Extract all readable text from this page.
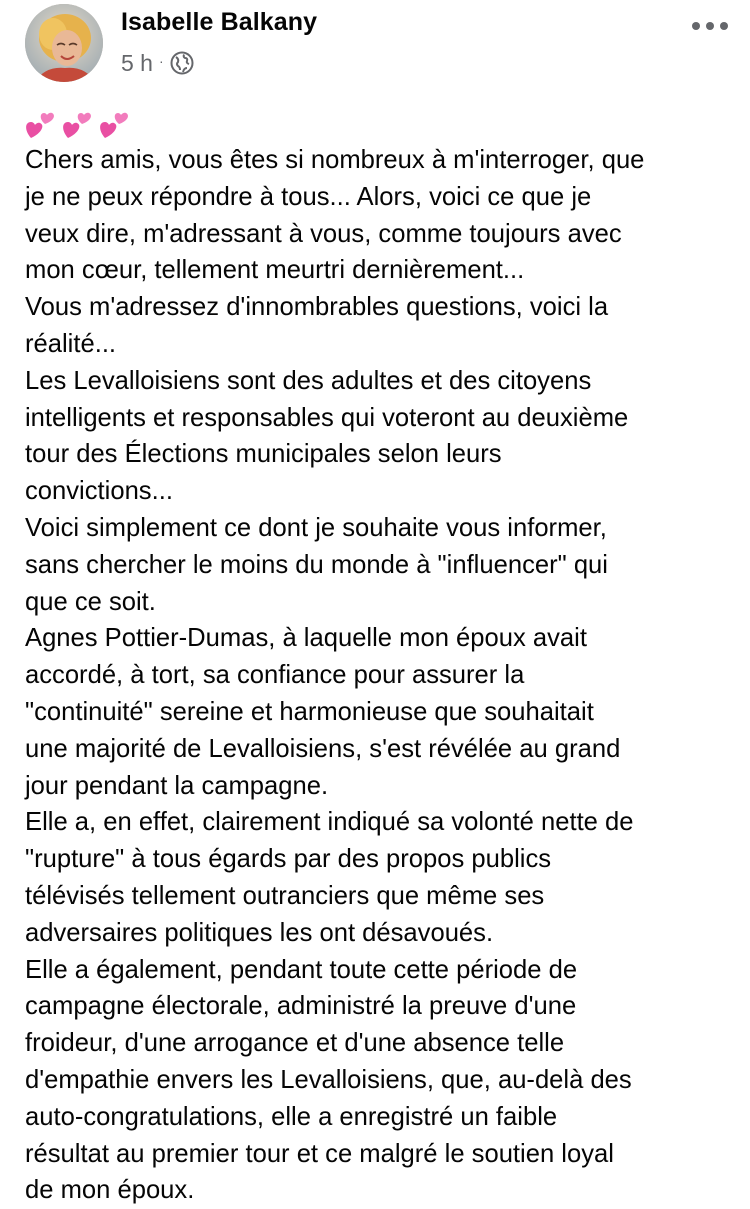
Isabelle Balkany
5 h ·
Chers amis, vous êtes si nombreux à m'interroger, que
je ne peux répondre à tous... Alors, voici ce que je
veux dire, m'adressant à vous, comme toujours avec
mon cœur, tellement meurtri dernièrement...
Vous m'adressez d'innombrables questions, voici la
réalité...
Les Levalloisiens sont des adultes et des citoyens
intelligents et responsables qui voteront au deuxième
tour des Élections municipales selon leurs
convictions...
Voici simplement ce dont je souhaite vous informer,
sans chercher le moins du monde à "influencer" qui
que ce soit.
Agnes Pottier-Dumas, à laquelle mon époux avait
accordé, à tort, sa confiance pour assurer la
"continuité" sereine et harmonieuse que souhaitait
une majorité de Levalloisiens, s'est révélée au grand
jour pendant la campagne.
Elle a, en effet, clairement indiqué sa volonté nette de
"rupture" à tous égards par des propos publics
télévisés tellement outranciers que même ses
adversaires politiques les ont désavoués.
Elle a également, pendant toute cette période de
campagne électorale, administré la preuve d'une
froideur, d'une arrogance et d'une absence telle
d'empathie envers les Levalloisiens, que, au-delà des
auto-congratulations, elle a enregistré un faible
résultat au premier tour et ce malgré le soutien loyal
de mon époux.
